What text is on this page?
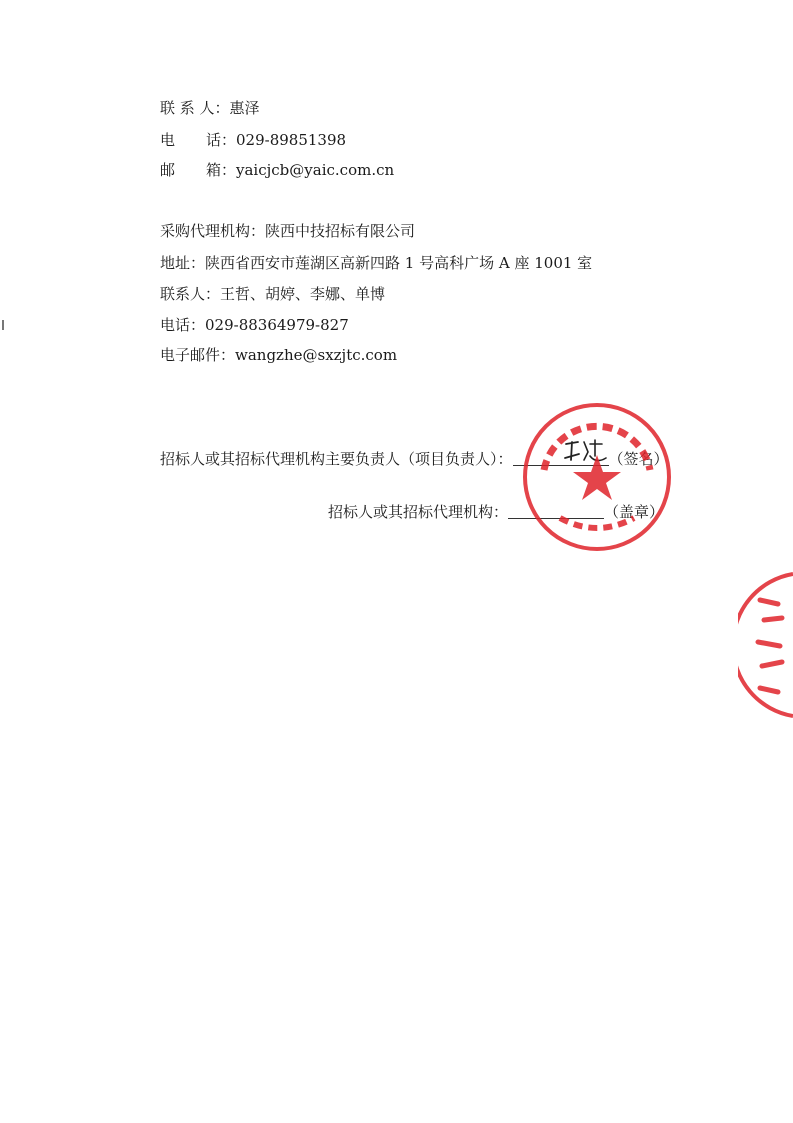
联 系 人：惠泽
电 话：029-89851398
邮 箱：yaicjcb@yaic.com.cn
采购代理机构：陕西中技招标有限公司
地址：陕西省西安市莲湖区高新四路 1 号高科广场 A 座 1001 室
联系人：王哲、胡婷、李娜、单博
电话：029-88364979-827
电子邮件：wangzhe@sxzjtc.com
招标人或其招标代理机构主要负责人（项目负责人）：	（签名）
招标人或其招标代理机构：	（盖章）
